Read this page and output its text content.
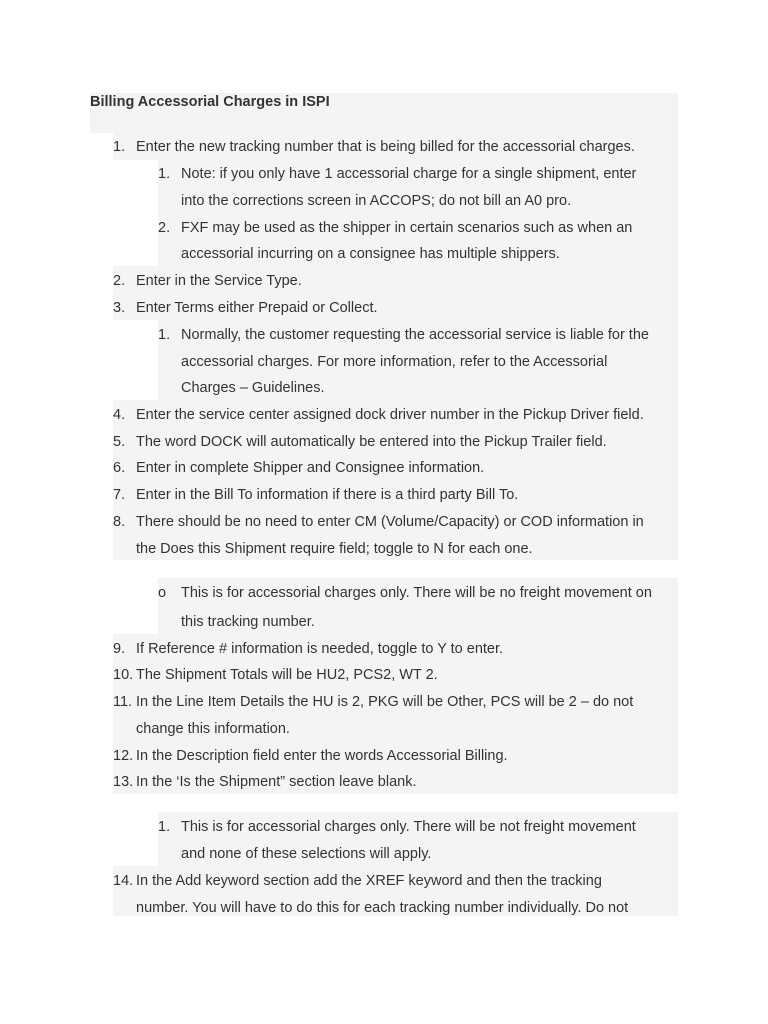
Billing Accessorial Charges in ISPI
1. Enter the new tracking number that is being billed for the accessorial charges.
1. Note: if you only have 1 accessorial charge for a single shipment, enter
into the corrections screen in ACCOPS; do not bill an A0 pro.
2. FXF may be used as the shipper in certain scenarios such as when an
accessorial incurring on a consignee has multiple shippers.
2. Enter in the Service Type.
3. Enter Terms either Prepaid or Collect.
1. Normally, the customer requesting the accessorial service is liable for the
accessorial charges. For more information, refer to the Accessorial
Charges – Guidelines.
4. Enter the service center assigned dock driver number in the Pickup Driver field.
5. The word DOCK will automatically be entered into the Pickup Trailer field.
6. Enter in complete Shipper and Consignee information.
7. Enter in the Bill To information if there is a third party Bill To.
8. There should be no need to enter CM (Volume/Capacity) or COD information in
the Does this Shipment require field; toggle to N for each one.
o This is for accessorial charges only. There will be no freight movement on
this tracking number.
9. If Reference # information is needed, toggle to Y to enter.
10. The Shipment Totals will be HU2, PCS2, WT 2.
11. In the Line Item Details the HU is 2, PKG will be Other, PCS will be 2 – do not
change this information.
12. In the Description field enter the words Accessorial Billing.
13. In the ‘Is the Shipment” section leave blank.
1. This is for accessorial charges only. There will be not freight movement
and none of these selections will apply.
14. In the Add keyword section add the XREF keyword and then the tracking
number. You will have to do this for each tracking number individually. Do not
